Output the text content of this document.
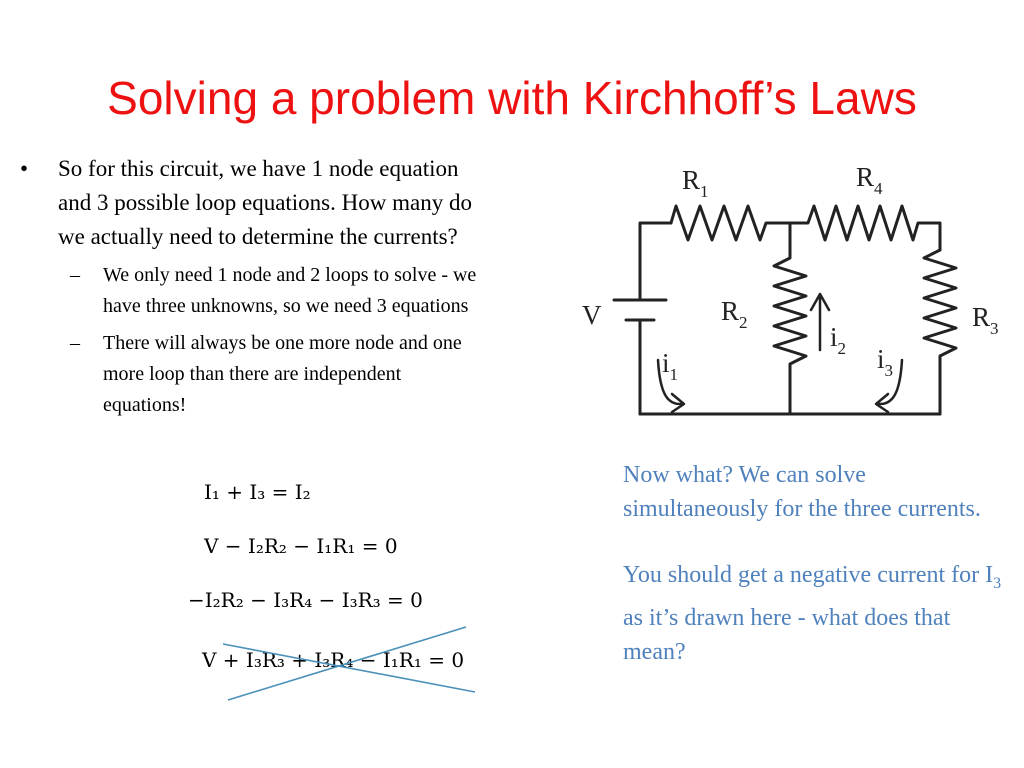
Solving a problem with Kirchhoff’s Laws
• So for this circuit, we have 1 node equation
and 3 possible loop equations. How many do
we actually need to determine the currents?
– We only need 1 node and 2 loops to solve - we
have three unknowns, so we need 3 equations
– There will always be one more node and one
more loop than there are independent
equations!
I₁ + I₃ = I₂
V − I₂R₂ − I₁R₁ = 0
−I₂R₂ − I₃R₄ − I₃R₃ = 0
V + I₃R₃ + I₃R₄ − I₁R₁ = 0
$R_1$	$R_4$
$R_2$	$R_3$
V
$i_1$
$i_2$ $i_3$

Now what? We can solve simultaneously for the three currents.

You should get a negative current for $I_3$ as it’s drawn here - what does that mean?
